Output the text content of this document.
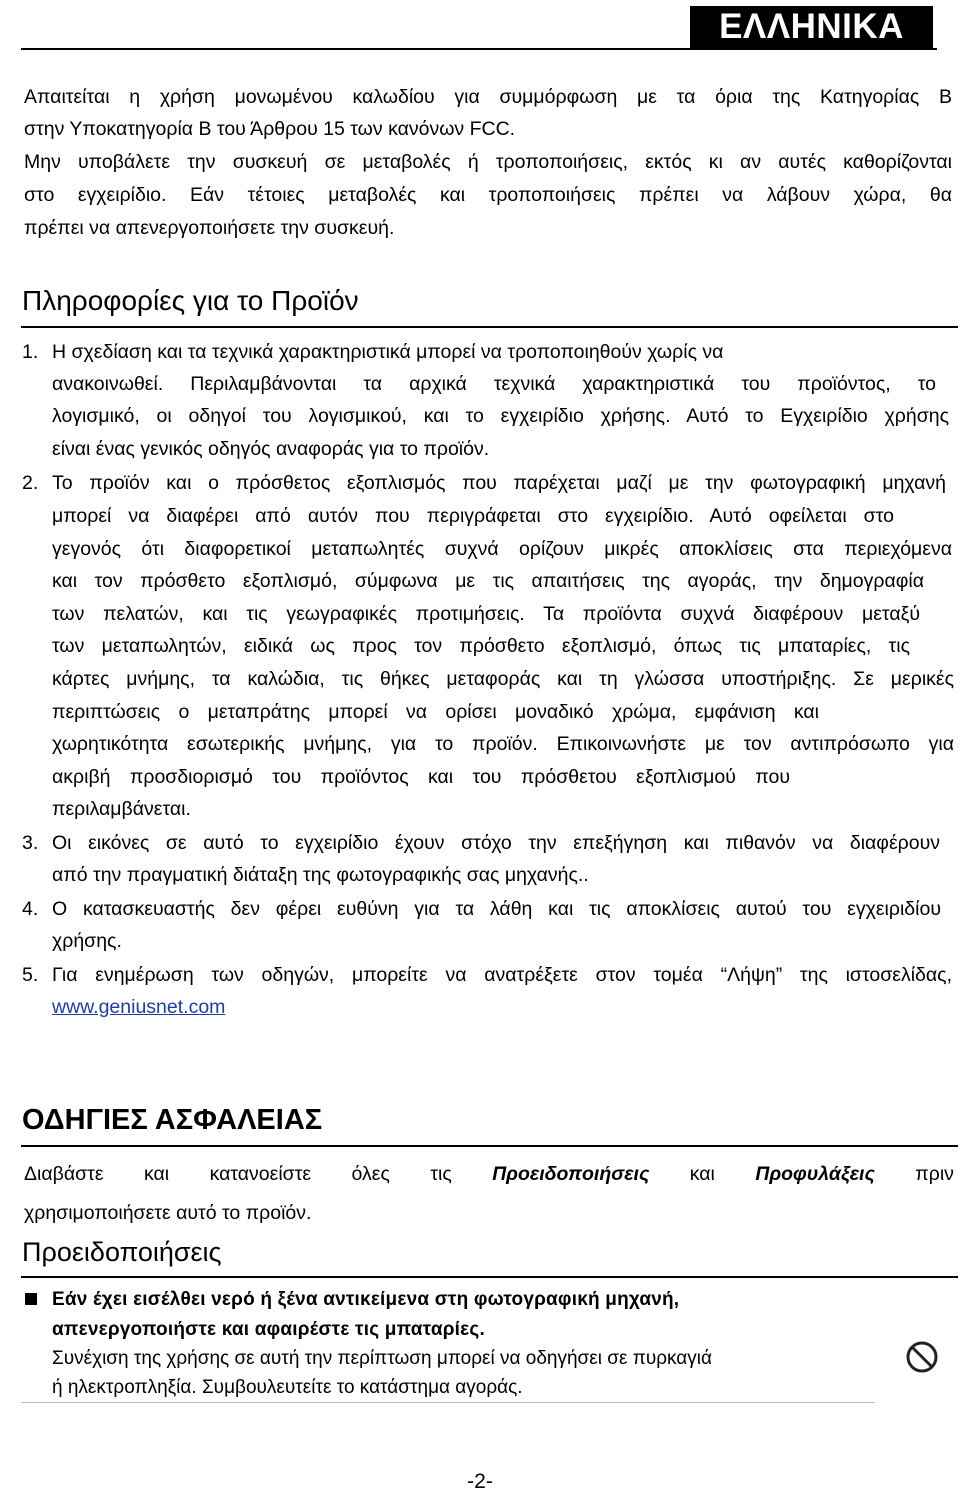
ΕΛΛΗΝΙΚΑ
Απαιτείται η χρήση μονωμένου καλωδίου για συμμόρφωση με τα όρια της Κατηγορίας Β
στην Υποκατηγορία Β του Άρθρου 15 των κανόνων FCC.
Μην υποβάλετε την συσκευή σε μεταβολές ή τροποποιήσεις, εκτός κι αν αυτές καθορίζονται
στο εγχειρίδιο. Εάν τέτοιες μεταβολές και τροποποιήσεις πρέπει να λάβουν χώρα, θα
πρέπει να απενεργοποιήσετε την συσκευή.
Πληροφορίες για το Προϊόν
1. Η σχεδίαση και τα τεχνικά χαρακτηριστικά μπορεί να τροποποιηθούν χωρίς να
ανακοινωθεί. Περιλαμβάνονται τα αρχικά τεχνικά χαρακτηριστικά του προϊόντος, το
λογισμικό, οι οδηγοί του λογισμικού, και το εγχειρίδιο χρήσης. Αυτό το Εγχειρίδιο χρήσης
είναι ένας γενικός οδηγός αναφοράς για το προϊόν.
2. Το προϊόν και ο πρόσθετος εξοπλισμός που παρέχεται μαζί με την φωτογραφική μηχανή
μπορεί να διαφέρει από αυτόν που περιγράφεται στο εγχειρίδιο. Αυτό οφείλεται στο
γεγονός ότι διαφορετικοί μεταπωλητές συχνά ορίζουν μικρές αποκλίσεις στα περιεχόμενα
και τον πρόσθετο εξοπλισμό, σύμφωνα με τις απαιτήσεις της αγοράς, την δημογραφία
των πελατών, και τις γεωγραφικές προτιμήσεις. Τα προϊόντα συχνά διαφέρουν μεταξύ
των μεταπωλητών, ειδικά ως προς τον πρόσθετο εξοπλισμό, όπως τις μπαταρίες, τις
κάρτες μνήμης, τα καλώδια, τις θήκες μεταφοράς και τη γλώσσα υποστήριξης. Σε μερικές
περιπτώσεις ο μεταπράτης μπορεί να ορίσει μοναδικό χρώμα, εμφάνιση και
χωρητικότητα εσωτερικής μνήμης, για το προϊόν. Επικοινωνήστε με τον αντιπρόσωπο για
ακριβή προσδιορισμό του προϊόντος και του πρόσθετου εξοπλισμού που
περιλαμβάνεται.
3. Οι εικόνες σε αυτό το εγχειρίδιο έχουν στόχο την επεξήγηση και πιθανόν να διαφέρουν
από την πραγματική διάταξη της φωτογραφικής σας μηχανής..
4. Ο κατασκευαστής δεν φέρει ευθύνη για τα λάθη και τις αποκλίσεις αυτού του εγχειριδίου
χρήσης.
5. Για ενημέρωση των οδηγών, μπορείτε να ανατρέξετε στον τομέα “Λήψη” της ιστοσελίδας,
www.geniusnet.com
ΟΔΗΓΙΕΣ ΑΣΦΑΛΕΙΑΣ
Διαβάστε και κατανοείστε όλες τις Προειδοποιήσεις και Προφυλάξεις πριν
χρησιμοποιήσετε αυτό το προϊόν.
Προειδοποιήσεις
Εάν έχει εισέλθει νερό ή ξένα αντικείμενα στη φωτογραφική μηχανή,
απενεργοποιήστε και αφαιρέστε τις μπαταρίες.
Συνέχιση της χρήσης σε αυτή την περίπτωση μπορεί να οδηγήσει σε πυρκαγιά
ή ηλεκτροπληξία. Συμβουλευτείτε το κατάστημα αγοράς.
-2-
